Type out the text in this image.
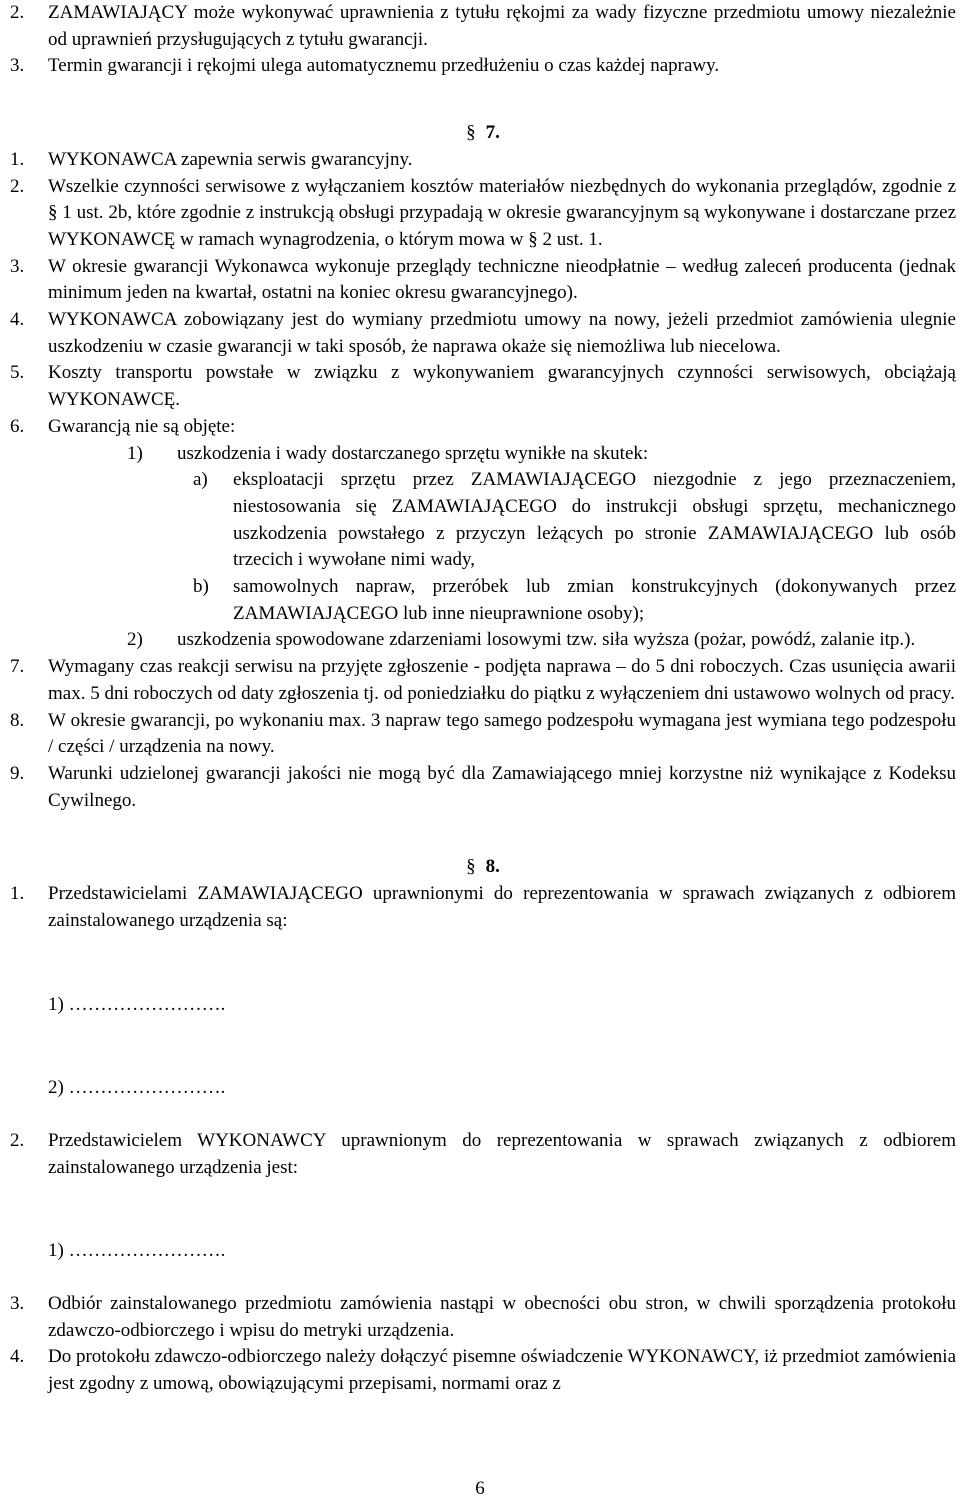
2.	ZAMAWIAJĄCY może wykonywać uprawnienia z tytułu rękojmi za wady fizyczne przedmiotu umowy niezależnie od uprawnień przysługujących z tytułu gwarancji.
3.	Termin gwarancji i rękojmi ulega automatycznemu przedłużeniu o czas każdej naprawy.
§ 7.
1.	WYKONAWCA zapewnia serwis gwarancyjny.
2.	Wszelkie czynności serwisowe z wyłączaniem kosztów materiałów niezbędnych do wykonania przeglądów, zgodnie z § 1 ust. 2b, które zgodnie z instrukcją obsługi przypadają w okresie gwarancyjnym są wykonywane i dostarczane przez WYKONAWCĘ w ramach wynagrodzenia, o którym mowa w § 2 ust. 1.
3.	W okresie gwarancji Wykonawca wykonuje przeglądy techniczne nieodpłatnie – według zaleceń producenta (jednak minimum jeden na kwartał, ostatni na koniec okresu gwarancyjnego).
4.	WYKONAWCA zobowiązany jest do wymiany przedmiotu umowy na nowy, jeżeli przedmiot zamówienia ulegnie uszkodzeniu w czasie gwarancji w taki sposób, że naprawa okaże się niemożliwa lub niecelowa.
5.	Koszty transportu powstałe w związku z wykonywaniem gwarancyjnych czynności serwisowych, obciążają WYKONAWCĘ.
6.	Gwarancją nie są objęte:
1)	uszkodzenia i wady dostarczanego sprzętu wynikłe na skutek:
a)	eksploatacji sprzętu przez ZAMAWIAJĄCEGO niezgodnie z jego przeznaczeniem, niestosowania się ZAMAWIAJĄCEGO do instrukcji obsługi sprzętu, mechanicznego uszkodzenia powstałego z przyczyn leżących po stronie ZAMAWIAJĄCEGO lub osób trzecich i wywołane nimi wady,
b)	samowolnych napraw, przeróbek lub zmian konstrukcyjnych (dokonywanych przez ZAMAWIAJĄCEGO lub inne nieuprawnione osoby);
2)	uszkodzenia spowodowane zdarzeniami losowymi tzw. siła wyższa (pożar, powódź, zalanie itp.).
7.	Wymagany czas reakcji serwisu na przyjęte zgłoszenie - podjęta naprawa – do 5 dni roboczych. Czas usunięcia awarii max. 5 dni roboczych od daty zgłoszenia tj. od poniedziałku do piątku z wyłączeniem dni ustawowo wolnych od pracy.
8.	W okresie gwarancji, po wykonaniu max. 3 napraw tego samego podzespołu wymagana jest wymiana tego podzespołu / części / urządzenia na nowy.
9.	Warunki udzielonej gwarancji jakości nie mogą być dla Zamawiającego mniej korzystne niż wynikające z Kodeksu Cywilnego.
§ 8.
1.	Przedstawicielami ZAMAWIAJĄCEGO uprawnionymi do reprezentowania w sprawach związanych z odbiorem zainstalowanego urządzenia są:
1) …………………….
2) …………………….
2.	Przedstawicielem WYKONAWCY uprawnionym do reprezentowania w sprawach związanych z odbiorem zainstalowanego urządzenia jest:
1) …………………….
3.	Odbiór zainstalowanego przedmiotu zamówienia nastąpi w obecności obu stron, w chwili sporządzenia protokołu zdawczo-odbiorczego i wpisu do metryki urządzenia.
4.	Do protokołu zdawczo-odbiorczego należy dołączyć pisemne oświadczenie WYKONAWCY, iż przedmiot zamówienia jest zgodny z umową, obowiązującymi przepisami, normami oraz z
6
